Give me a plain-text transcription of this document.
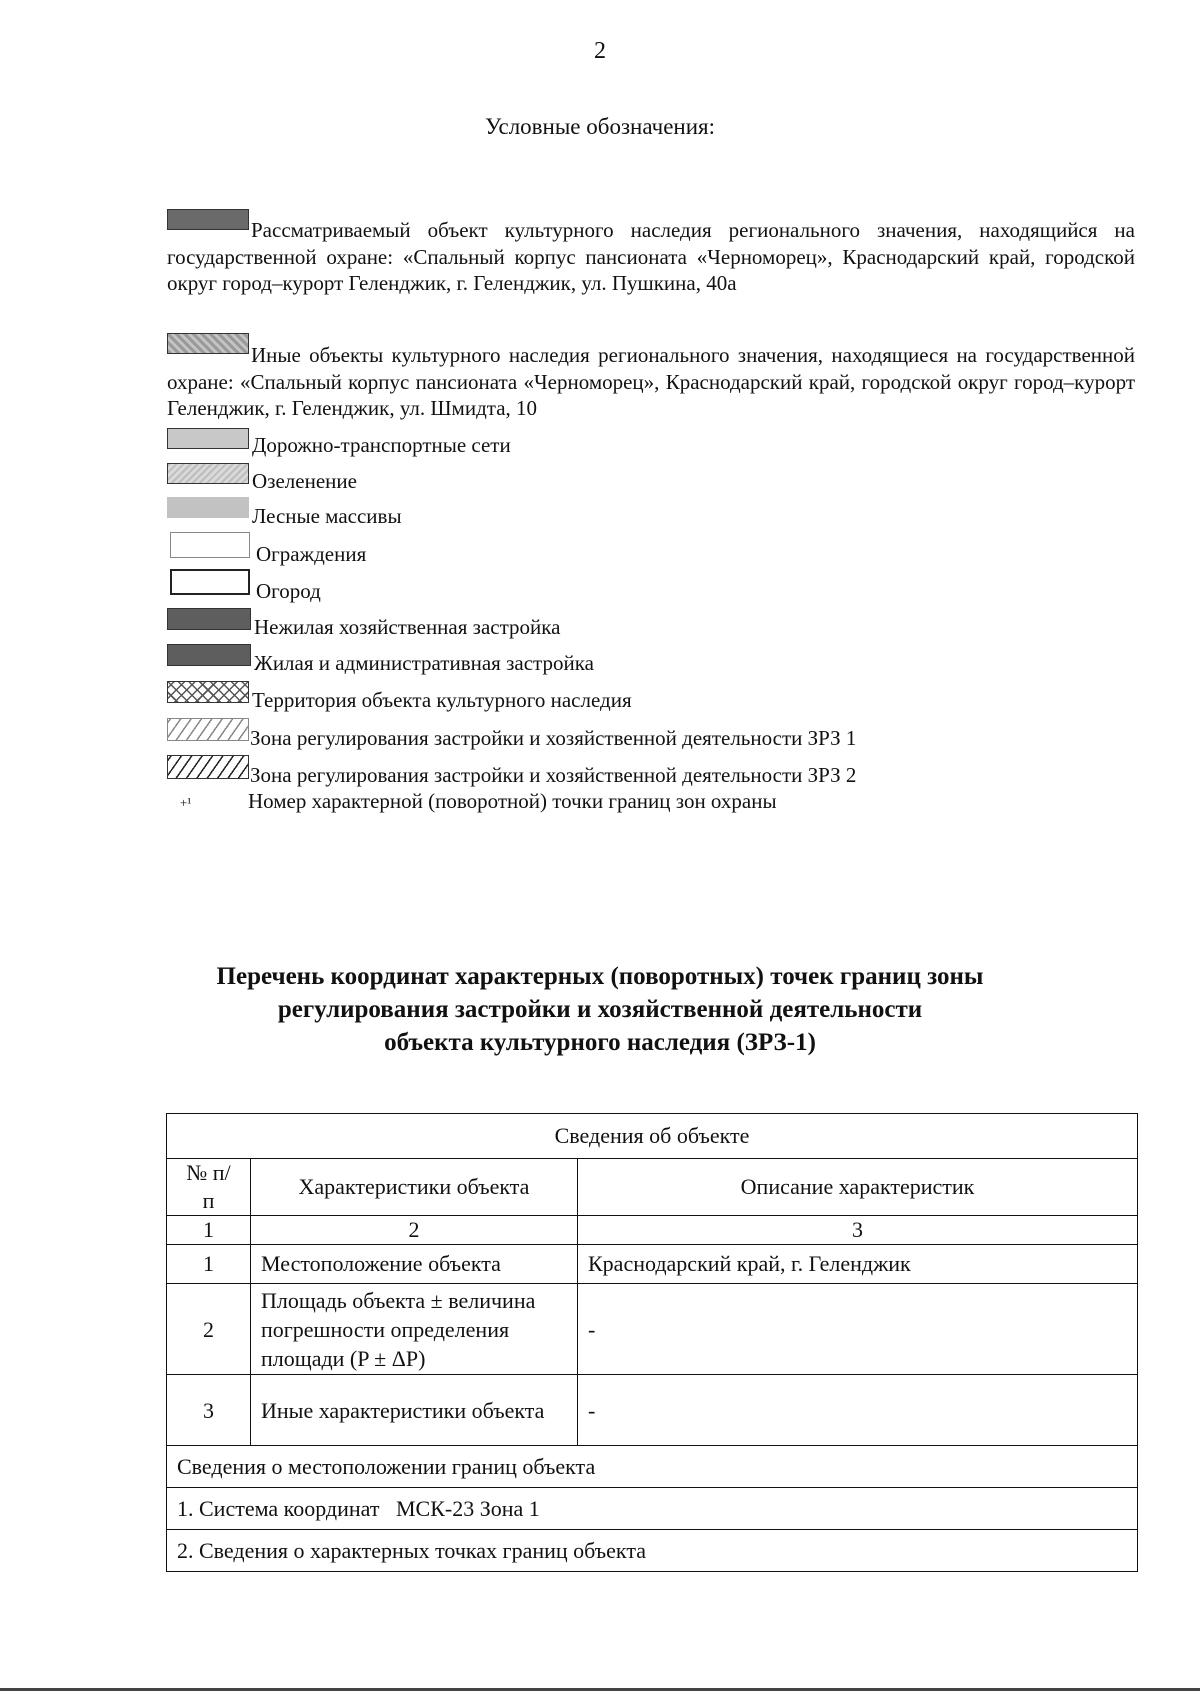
2
Условные обозначения:
Рассматриваемый объект культурного наследия регионального значения, находящийся на государственной охране: «Спальный корпус пансионата «Черноморец», Краснодарский край, городской округ город–курорт Геленджик, г. Геленджик, ул. Пушкина, 40а
Иные объекты культурного наследия регионального значения, находящиеся на государственной охране: «Спальный корпус пансионата «Черноморец», Краснодарский край, городской округ город–курорт Геленджик, г. Геленджик, ул. Шмидта, 10
Дорожно-транспортные сети
Озеленение
Лесные массивы
Ограждения
Огород
Нежилая хозяйственная застройка
Жилая и административная застройка
Территория объекта культурного наследия
Зона регулирования застройки и хозяйственной деятельности ЗРЗ 1
Зона регулирования застройки и хозяйственной деятельности ЗРЗ 2
+¹	Номер характерной (поворотной) точки границ зон охраны
Перечень координат характерных (поворотных) точек границ зоны
регулирования застройки и хозяйственной деятельности
объекта культурного наследия (ЗРЗ-1)
Сведения об объекте		
№ п/п	Характеристики объекта	Описание характеристик
1	2	3
1	Местоположение объекта	Краснодарский край, г. Геленджик
2	Площадь объекта ± величина погрешности определения площади (P ± ΔP)	-
3	Иные характеристики объекта	-
Сведения о местоположении границ объекта		
1. Система координат   МСК-23 Зона 1		
2. Сведения о характерных точках границ объекта		
